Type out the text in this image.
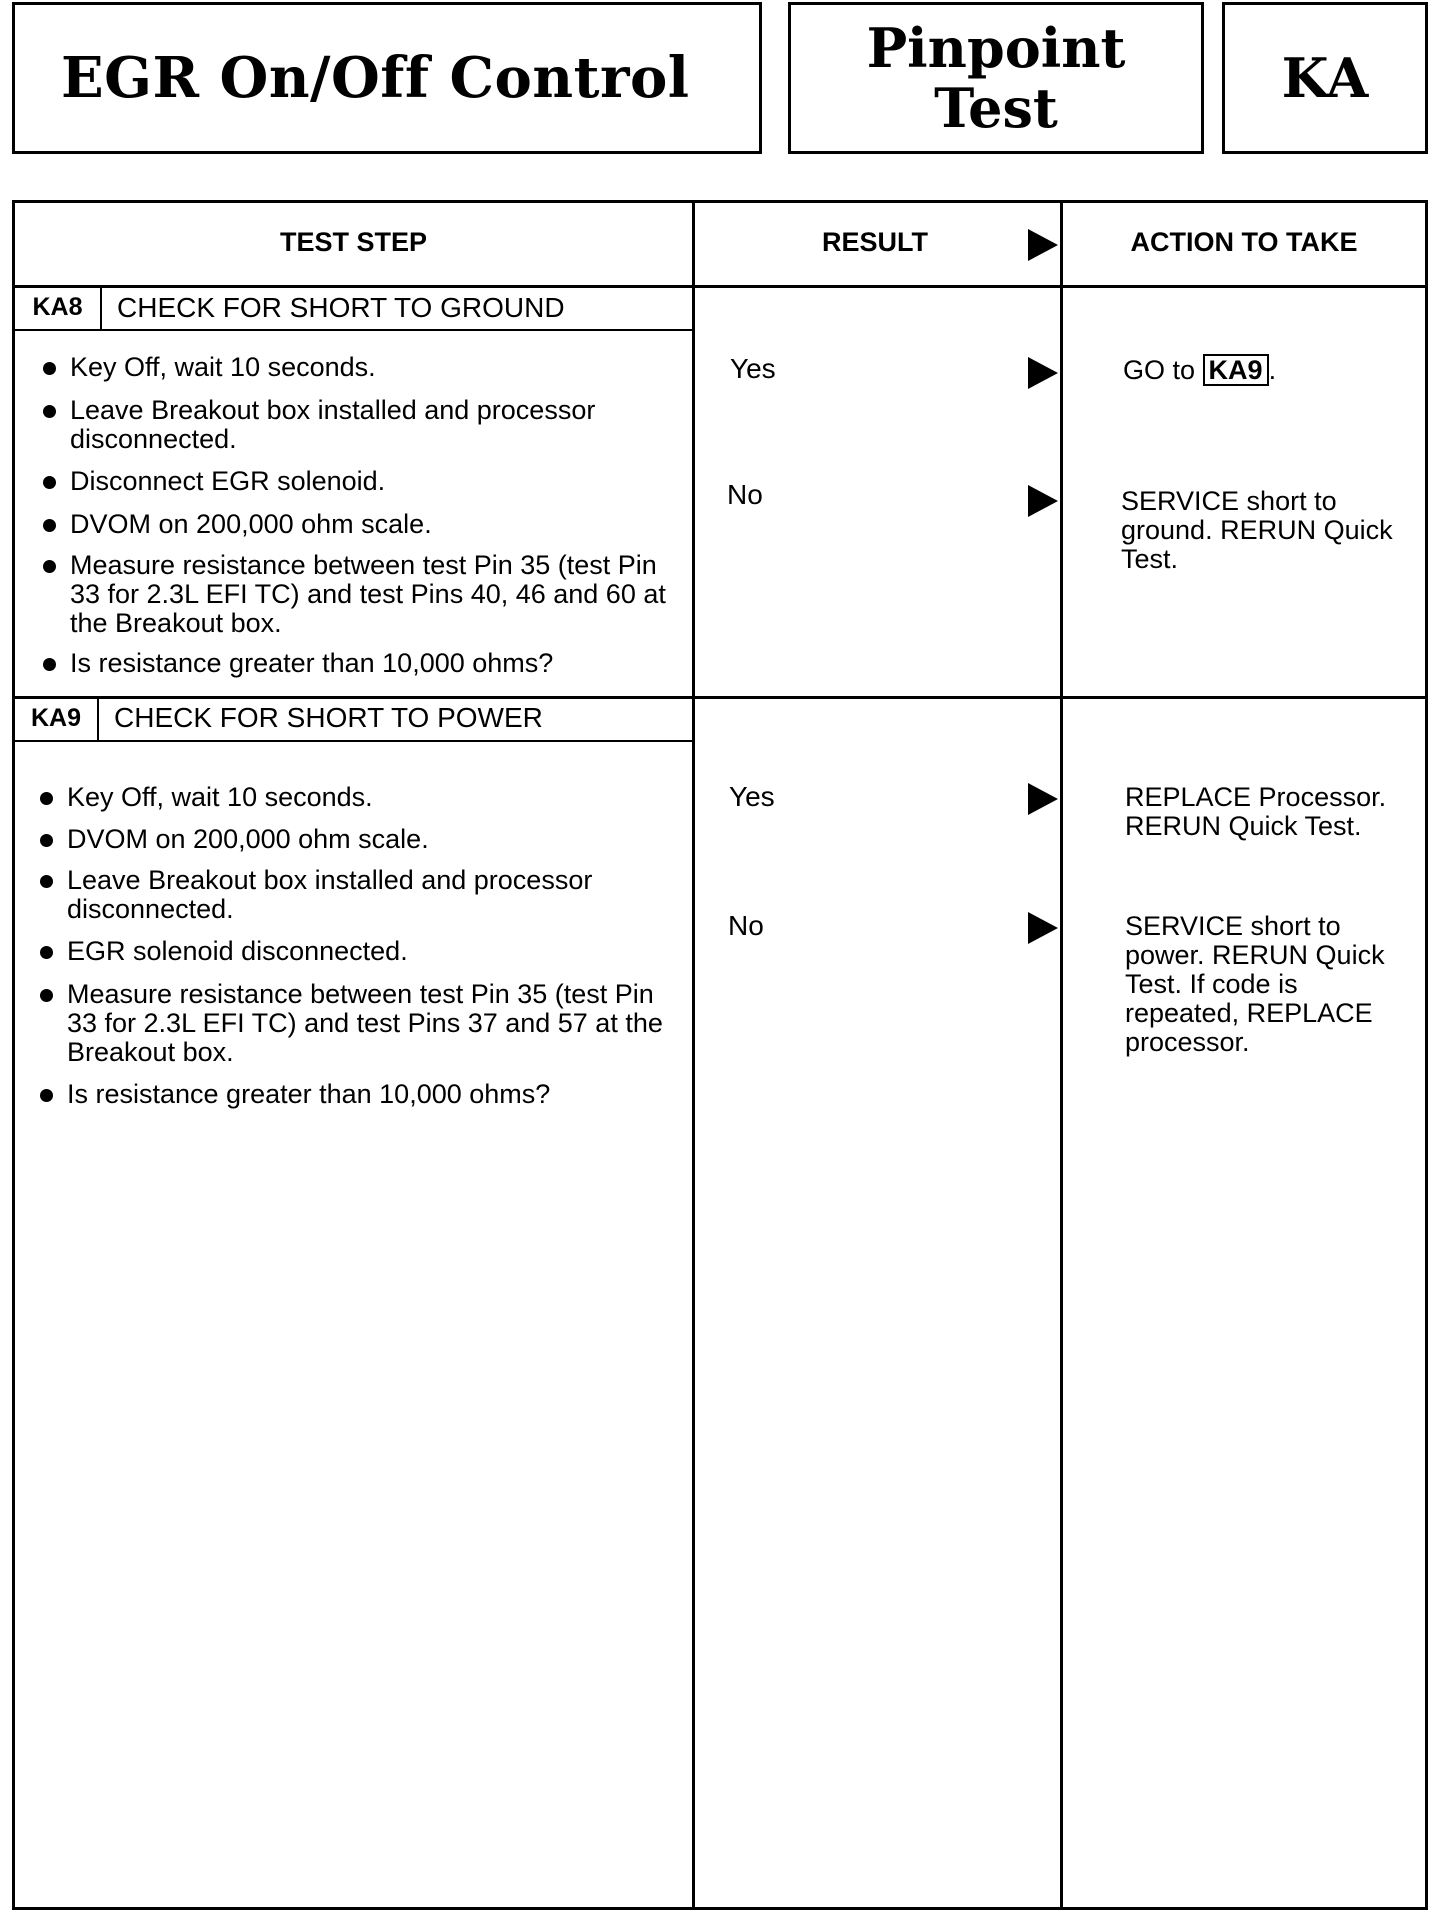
EGR On/Off Control	Pinpoint Test	KA
TEST STEP	RESULT	ACTION TO TAKE
KA8	CHECK FOR SHORT TO GROUND
Key Off, wait 10 seconds.
Leave Breakout box installed and processor disconnected.
Disconnect EGR solenoid.
DVOM on 200,000 ohm scale.
Measure resistance between test Pin 35 (test Pin 33 for 2.3L EFI TC) and test Pins 40, 46 and 60 at the Breakout box.
Is resistance greater than 10,000 ohms?
Yes	GO to KA9 .
No	SERVICE short to ground. RERUN Quick Test.
KA9	CHECK FOR SHORT TO POWER
Key Off, wait 10 seconds.
DVOM on 200,000 ohm scale.
Leave Breakout box installed and processor disconnected.
EGR solenoid disconnected.
Measure resistance between test Pin 35 (test Pin 33 for 2.3L EFI TC) and test Pins 37 and 57 at the Breakout box.
Is resistance greater than 10,000 ohms?
Yes	REPLACE Processor. RERUN Quick Test.
No	SERVICE short to power. RERUN Quick Test. If code is repeated, REPLACE processor.
